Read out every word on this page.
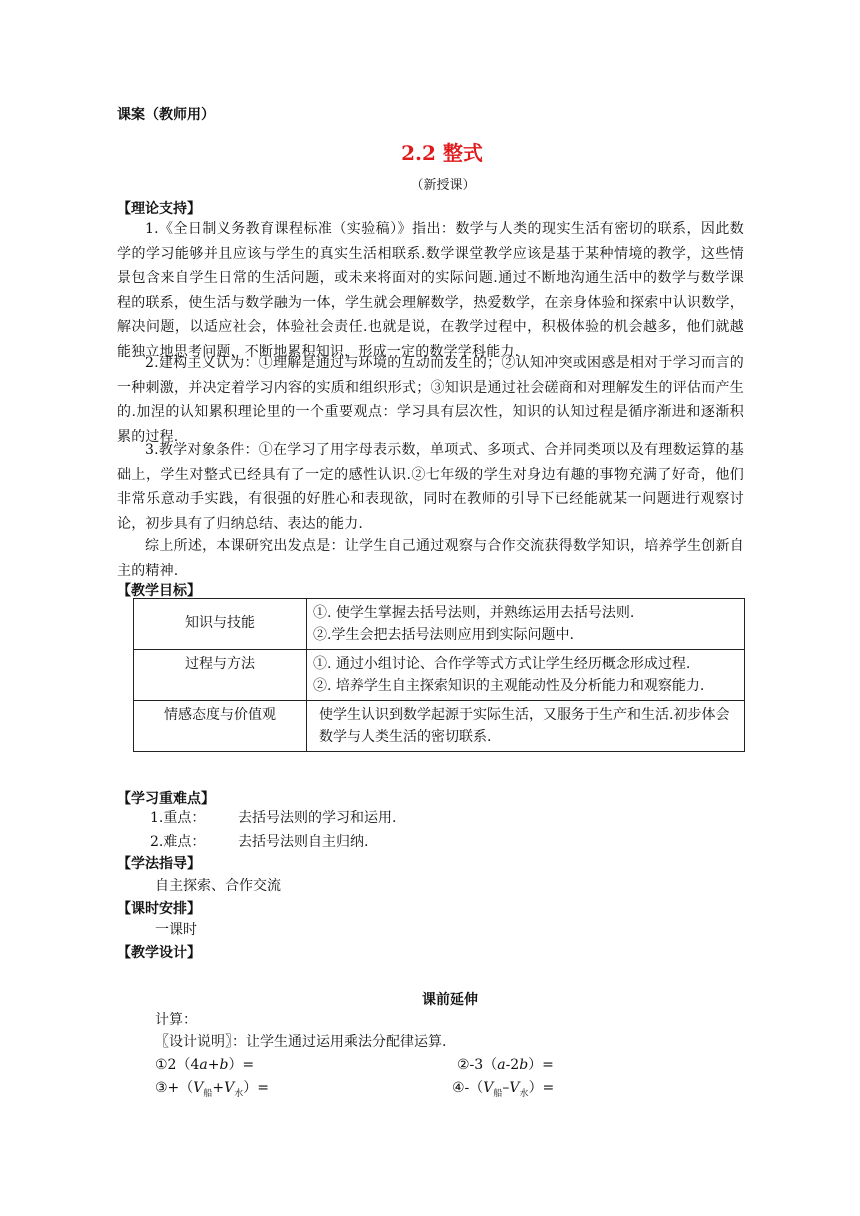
课案（教师用）
2.2 整式
（新授课）
【理论支持】
1.《全日制义务教育课程标准（实验稿）》指出：数学与人类的现实生活有密切的联系，因此数学的学习能够并且应该与学生的真实生活相联系.数学课堂教学应该是基于某种情境的教学，这些情景包含来自学生日常的生活问题，或未来将面对的实际问题.通过不断地沟通生活中的数学与数学课程的联系，使生活与数学融为一体，学生就会理解数学，热爱数学，在亲身体验和探索中认识数学，解决问题，以适应社会，体验社会责任.也就是说，在教学过程中，积极体验的机会越多，他们就越能独立地思考问题，不断地累积知识，形成一定的数学学科能力.
2.建构主义认为：①理解是通过与环境的互动而发生的；②认知冲突或困惑是相对于学习而言的一种刺激，并决定着学习内容的实质和组织形式；③知识是通过社会磋商和对理解发生的评估而产生的.加涅的认知累积理论里的一个重要观点：学习具有层次性，知识的认知过程是循序渐进和逐渐积累的过程.
3.教学对象条件：①在学习了用字母表示数，单项式、多项式、合并同类项以及有理数运算的基础上，学生对整式已经具有了一定的感性认识.②七年级的学生对身边有趣的事物充满了好奇，他们非常乐意动手实践，有很强的好胜心和表现欲，同时在教师的引导下已经能就某一问题进行观察讨论，初步具有了归纳总结、表达的能力.
综上所述，本课研究出发点是：让学生自己通过观察与合作交流获得数学知识，培养学生创新自主的精神.
【教学目标】
知识与技能	①. 使学生掌握去括号法则，并熟练运用去括号法则.
②.学生会把去括号法则应用到实际问题中.

过程与方法	①. 通过小组讨论、合作学等式方式让学生经历概念形成过程.
②. 培养学生自主探索知识的主观能动性及分析能力和观察能力.

情感态度与价值观	使学生认识到数学起源于实际生活，又服务于生产和生活.初步体会数学与人类生活的密切联系.
【学习重难点】
1.重点： 去括号法则的学习和运用.
2.难点： 去括号法则自主归纳.
【学法指导】
自主探索、合作交流
【课时安排】
一课时
【教学设计】
课前延伸
计算：
〖设计说明〗：让学生通过运用乘法分配律运算.
①2（4a+b）=	②-3（a-2b）=
$③+(V_船+V_水)=$	$④-(V_船-V_水)=$
